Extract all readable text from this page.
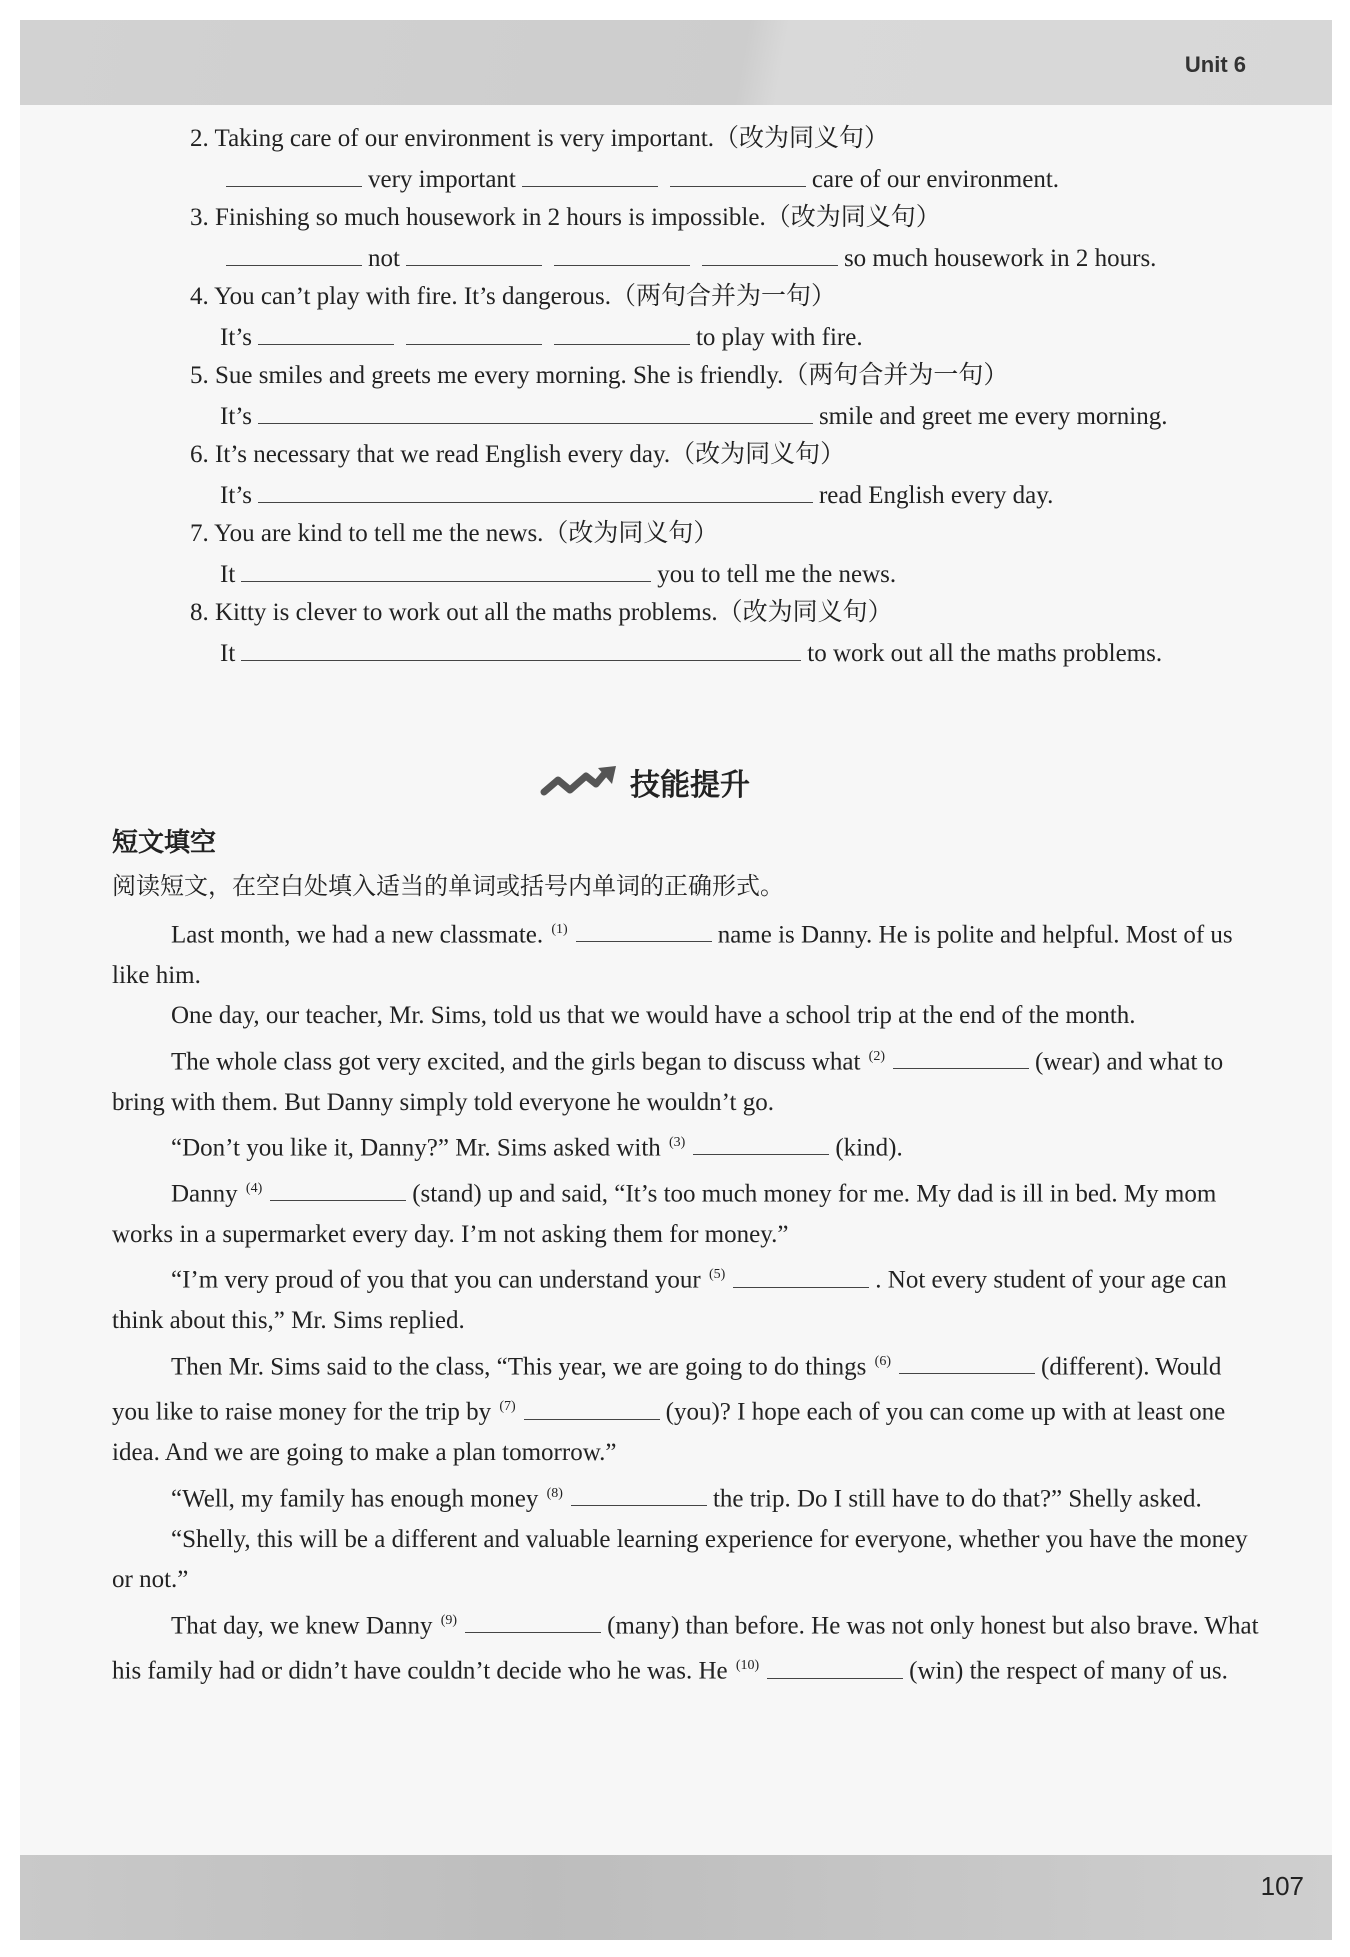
Unit 6
107
2. Taking care of our environment is very important.（改为同义句）
very important	care of our environment.
3. Finishing so much housework in 2 hours is impossible.（改为同义句）
not	so much housework in 2 hours.
4. You can’t play with fire. It’s dangerous.（两句合并为一句）
It’s	to play with fire.
5. Sue smiles and greets me every morning. She is friendly.（两句合并为一句）
It’s	smile and greet me every morning.
6. It’s necessary that we read English every day.（改为同义句）
It’s	read English every day.
7. You are kind to tell me the news.（改为同义句）
It	you to tell me the news.
8. Kitty is clever to work out all the maths problems.（改为同义句）
It	to work out all the maths problems.
技能提升
短文填空
阅读短文，在空白处填入适当的单词或括号内单词的正确形式。

Last month, we had a new classmate. $^{(1)}$	name is Danny. He is polite and helpful. Most of us like him.

One day, our teacher, Mr. Sims, told us that we would have a school trip at the end of the month.

The whole class got very excited, and the girls began to discuss what $^{(2)}$	(wear) and what to bring with them. But Danny simply told everyone he wouldn’t go.

“Don’t you like it, Danny?” Mr. Sims asked with $^{(3)}$	(kind).

Danny $^{(4)}$	(stand) up and said, “It’s too much money for me. My dad is ill in bed. My mom works in a supermarket every day. I’m not asking them for money.”

“I’m very proud of you that you can understand your $^{(5)}$	. Not every student of your age can think about this,” Mr. Sims replied.

Then Mr. Sims said to the class, “This year, we are going to do things $^{(6)}$	(different). Would you like to raise money for the trip by $^{(7)}$	(you)? I hope each of you can come up with at least one idea. And we are going to make a plan tomorrow.”

“Well, my family has enough money $^{(8)}$	the trip. Do I still have to do that?” Shelly asked.

“Shelly, this will be a different and valuable learning experience for everyone, whether you have the money or not.”

That day, we knew Danny $^{(9)}$	(many) than before. He was not only honest but also brave. What his family had or didn’t have couldn’t decide who he was. He $^{(10)}$	(win) the respect of many of us.
